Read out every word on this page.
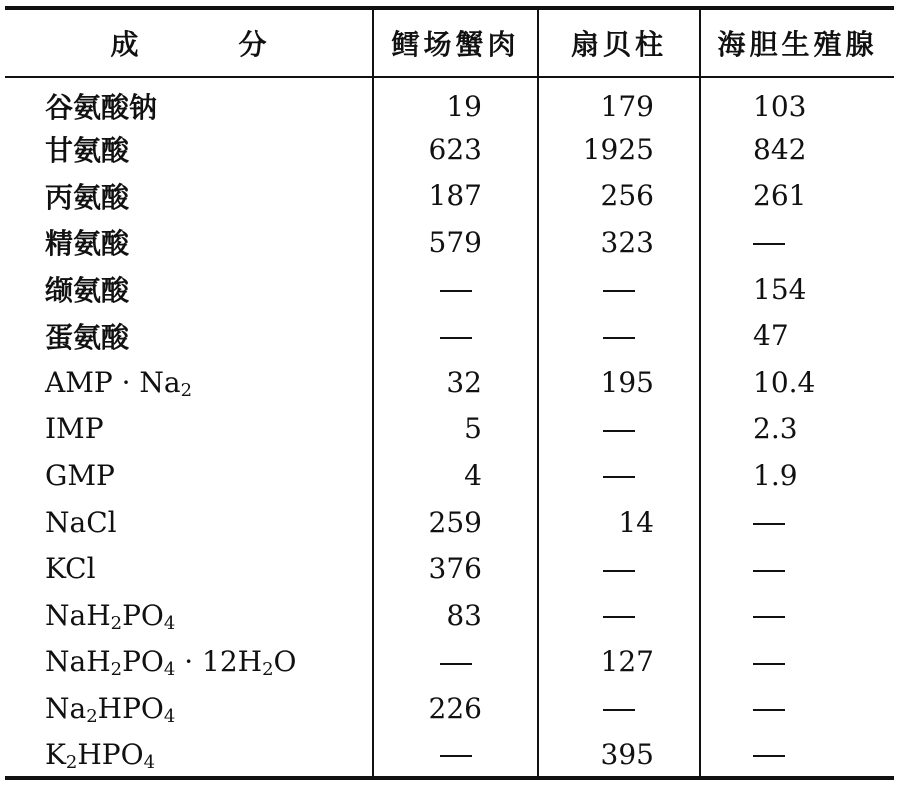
成 分	鳕场蟹肉	扇贝柱	海胆生殖腺
谷氨酸钠	19	179	103
甘氨酸	623	1925	842
丙氨酸	187	256	261
精氨酸	579	323	
缬氨酸			154
蛋氨酸			47
AMP · $Na_2$	32	195	10.4
IMP	5		2.3
GMP	4		1.9
NaCl	259	14	
KCl	376		
$NaH_2PO_4$	83		
$NaH_2PO_4 \cdot 12H_2O$		127	
$Na_2HPO_4$	226		
$K_2HPO_4$		395	
